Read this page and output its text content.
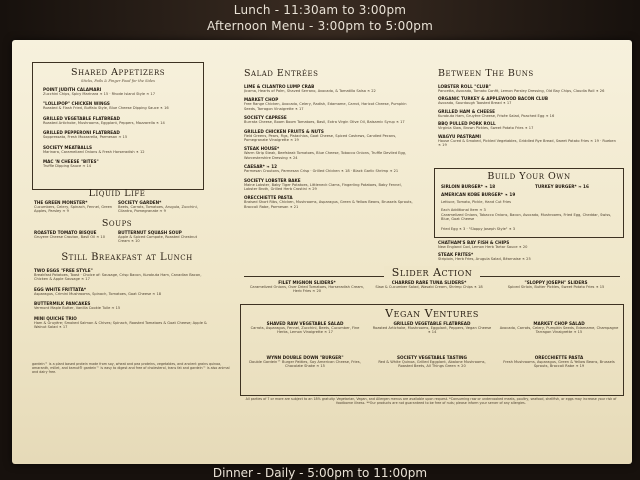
Lunch - 11:30am to 3:00pm
Afternoon Menu - 3:00pm to 5:00pm
Shared Appetizers
Sticks, Pails & Finger Food for the Sides
POINT JUDITH CALAMARI
Zucchini Chips, Spicy Marinara ❧ 15 · Rhode Island Style ❧ 17
"LOLLIPOP" CHICKEN WINGS
Roasted & Flash Fried, Buffalo Style, Blue Cheese Dipping Sauce ❧ 16
GRILLED VEGETABLE FLATBREAD
Roasted Artichoke, Mushrooms, Eggplant, Peppers, Mozzarella ❧ 14
GRILLED PEPPERONI FLATBREAD
Soppressata, Fresh Mozzarella, Parmesan ❧ 15
SOCIETY MEATBALLS
Marinara, Caramelized Onions & Fresh Horseradish ❧ 12
MAC 'N CHEESE "BITES"
Truffle Dipping Sauce ❧ 14
Liquid Life
THE GREEN MONSTER*
Cucumbers, Celery, Spinach, Fennel, Green Apples, Parsley ❧ 9
SOCIETY GARDEN*
Beets, Carrots, Tomatoes, Arugula, Zucchini, Cilantro, Pomegranate ❧ 9
Soups
ROASTED TOMATO BISQUE
Gruyere Cheese Crouton, Basil Oil ❧ 10
BUTTERNUT SQUASH SOUP
Apple & Spiced Compote, Roasted Chestnut Cream ❧ 10
Still Breakfast at Lunch
TWO EGGS "FREE STYLE"
Breakfast Potatoes, Toast · Choice of: Sausage, Crisp Bacon, Kurobuta Ham, Canadian Bacon, Chicken & Apple Sausage ❧ 17
EGG WHITE FRITTATA*
Asparagus, Crimini Mushrooms, Spinach, Tomatoes, Goat Cheese ❧ 18
BUTTERMILK PANCAKES
Vermont Maple Butter, Vanilla Cookie Tuile ❧ 15
MINI QUICHE TRIO
Ham & Gruyère; Smoked Salmon & Chives; Spinach, Roasted Tomatoes & Goat Cheese; Apple & Walnut Salad ❧ 17
gardein™ is a plant based protein made from soy, wheat and pea proteins, vegetables, and ancient grains quinoa, amaranth, millet, and kamut® gardein™ is easy to digest and free of cholesterol, trans fat and gardein™ is also animal and dairy free.
Salad Entrées
LIME & CILANTRO LUMP CRAB
Jicama, Hearts of Palm, Shaved Serrano, Avocado, & Tomatillo Salsa ❧ 22
MARKET CHOP
Free Range Chicken, Avocado, Celery, Radish, Edamame, Carrot, Haricot Cheese, Pumpkin Seeds, Tarragon Vinaigrette ❧ 17
SOCIETY CAPRESE
Burrata Cheese, Boom Boom Tomatoes, Basil, Extra Virgin Olive Oil, Balsamic Syrup ❧ 17
GRILLED CHICKEN FRUITS & NUTS
Field Greens, Pears, Figs, Pistachios, Goat Cheese, Spiced Cashews, Candied Pecans, Pomegranate Vinaigrette ❧ 19
STEAK HOUSE*
Warm Strip Steak, Beefsteak Tomatoes, Blue Cheese, Tobacco Onions, Truffle Deviled Egg, Worcestershire Dressing ❧ 24
CAESAR* ❧ 12
Parmesan Croutons, Parmesan Crisp · Grilled Chicken ❧ 18 · Black Garlic Shrimp ❧ 21
SOCIETY LOBSTER BAKE
Maine Lobster, Baby Tiger Potatoes, Littleneck Clams, Fingerling Potatoes, Baby Fennel, Lobster Broth, Grilled Herb Crostini ❧ 29
ORECCHIETTE PASTA
Braised Short Ribs, Chicken, Mushrooms, Asparagus, Green & Yellow Beans, Brussels Sprouts, Broccoli Rabe, Parmesan ❧ 21
Between The Buns
LOBSTER ROLL "CLUB"
Pancetta, Avocado, Tomato Confit, Lemon Parsley Dressing, Old Bay Chips, Claudia Roll ❧ 26
ORGANIC TURKEY & APPLEWOOD BACON CLUB
Avocado, Sourdough Toasted Bread ❧ 17
GRILLED HAM & CHEESE
Kurobuta Ham, Gruyère Cheese, Frisée Salad, Poached Egg ❧ 16
BBQ PULLED PORK ROLL
Virginia Slaw, Brown Pickles, Sweet Potato Fries ❧ 17
WAGYU PASTRAMI
House Cured & Smoked, Pickled Vegetables, Griddled Rye Bread, Sweet Potato Fries ❧ 19 · Rueben ❧ 19
Build Your Own
SIRLOIN BURGER* ❧ 18	TURKEY BURGER* ❧ 16
AMERICAN KOBE BURGER* ❧ 19
Lettuce, Tomato, Pickle, Hand Cut Fries
Each Additional Item ❧ 3
Caramelized Onions, Tobacco Onions, Bacon, Avocado, Mushrooms, Fried Egg, Cheddar, Swiss, Blue, Goat Cheese
Fried Egg ❧ 3 · "Sloppy Joseph Style" ❧ 3
CHATHAM'S BAY FISH & CHIPS
New England Cod, Lemon Herb Tartar Sauce ❧ 20
STEAK FRITES*
Striploin, Herb Fries, Arugula Salad, Béarnaise ❧ 25
Slider Action
FILET MIGNON SLIDERS*
Caramelized Onions, Over Dried Tomatoes, Horseradish Cream, Herb Fries ❧ 20
CHARRED RARE TUNA SLIDERS*
Slaw & Cucumber Salad, Wasabi Cream, Shrimp Chips ❧ 18
"SLOPPY JOSEPH" SLIDERS
Spiced Sirloin, Butter Pickles, Sweet Potato Fries ❧ 15
Vegan Ventures
SHAVED RAW VEGETABLE SALAD
Carrots, Asparagus, Fennel, Zucchini, Beets, Cucumber, Fine Herbs, Lemon Vinaigrette ❧ 17
GRILLED VEGETABLE FLATBREAD
Roasted Artichoke, Mushrooms, Eggplant, Peppers, Vegan Cheese ❧ 14
MARKET CHOP SALAD
Avocado, Carrots, Celery, Pumpkin Seeds, Edamame, Champagne Tarragon Vinaigrette ❧ 15
WYNN DOUBLE DOWN "BURGER"
Double Gardein™ Burger Patties, Soy American Cheese, Fries, Chocolate Shake ❧ 15
SOCIETY VEGETABLE TASTING
Red & White Quinoa, Grilled Eggplant, Abalone Mushrooms, Roasted Beets, All Things Green ❧ 20
ORECCHIETTE PASTA
Fresh Mushrooms, Asparagus, Green & Yellow Beans, Brussels Sprouts, Broccoli Rabe ❧ 19
All parties of 7 or more are subject to an 18% gratuity. Vegetarian, Vegan, and Allergen menus are available upon request. *Consuming raw or undercooked meats, poultry, seafood, shellfish, or eggs may increase your risk of foodborne illness. **Our products are not guaranteed to be free of nuts; please inform your server of any allergies.
Dinner - Daily - 5:00pm to 11:00pm
